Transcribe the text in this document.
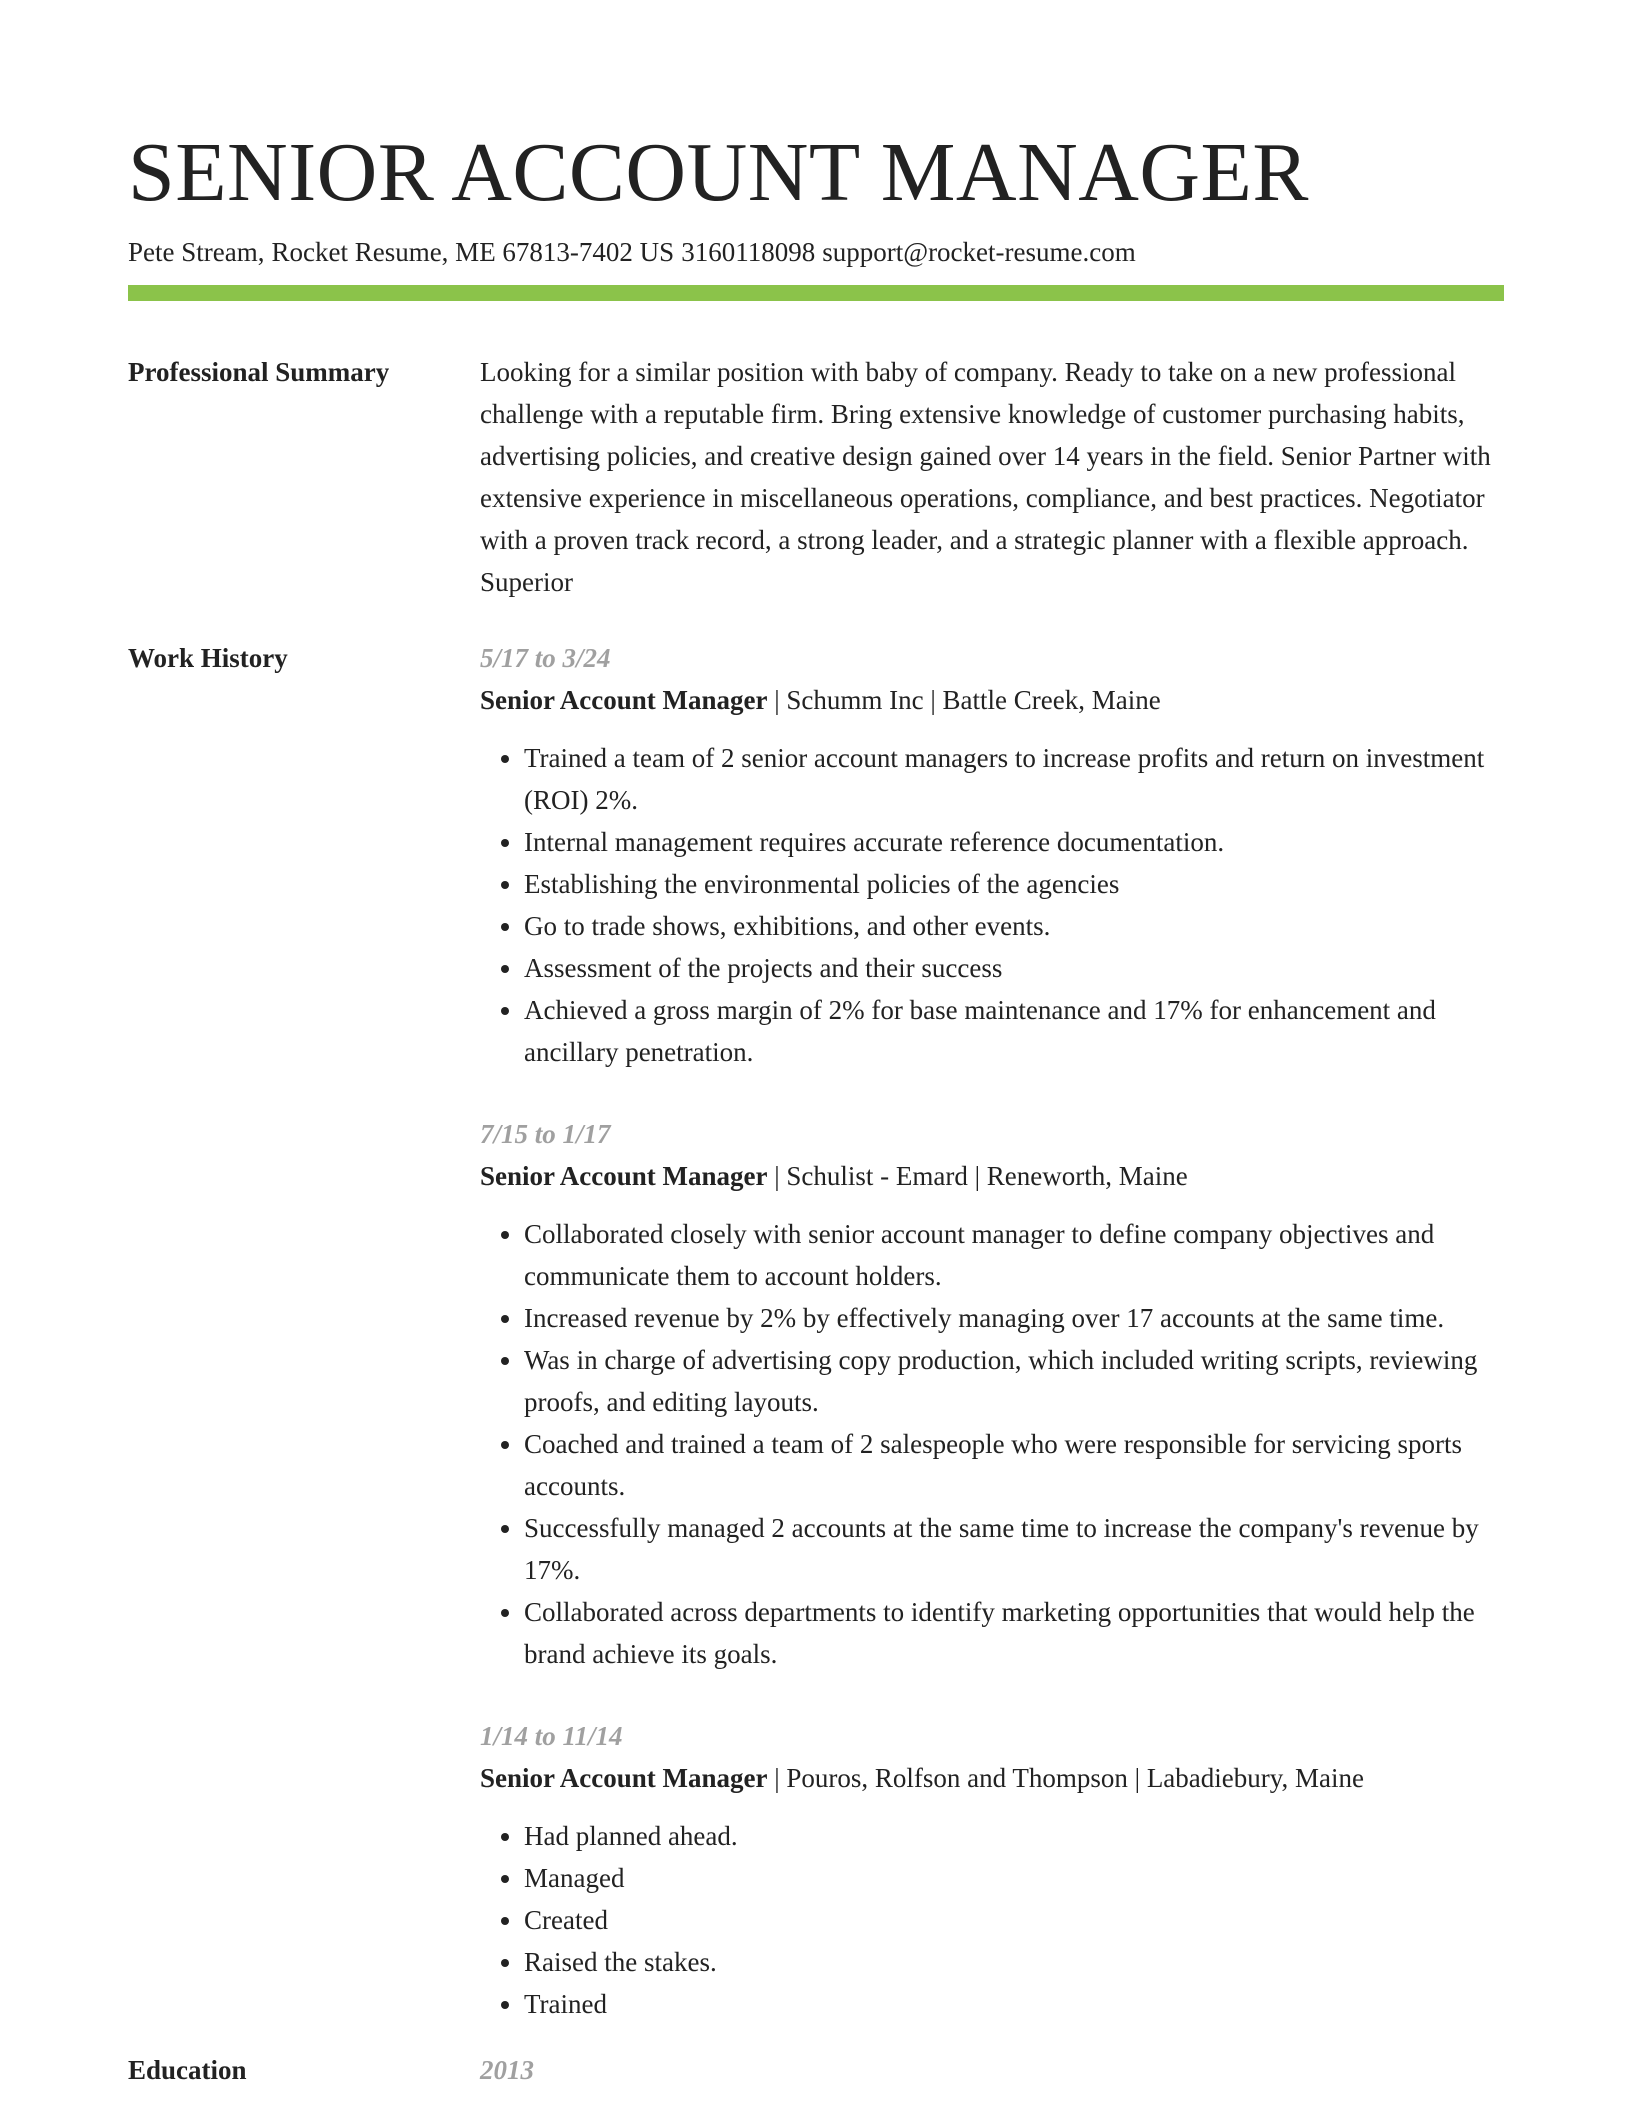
SENIOR ACCOUNT MANAGER
Pete Stream, Rocket Resume, ME 67813-7402 US 3160118098 support@rocket-resume.com
Professional Summary	Looking for a similar position with baby of company. Ready to take on a new professional challenge with a reputable firm. Bring extensive knowledge of customer purchasing habits, advertising policies, and creative design gained over 14 years in the field. Senior Partner with extensive experience in miscellaneous operations, compliance, and best practices. Negotiator with a proven track record, a strong leader, and a strategic planner with a flexible approach. Superior

Work History	5/17 to 3/24
Senior Account Manager | Schumm Inc | Battle Creek, Maine
• Trained a team of 2 senior account managers to increase profits and return on investment (ROI) 2%.
• Internal management requires accurate reference documentation.
• Establishing the environmental policies of the agencies
• Go to trade shows, exhibitions, and other events.
• Assessment of the projects and their success
• Achieved a gross margin of 2% for base maintenance and 17% for enhancement and ancillary penetration.
7/15 to 1/17
Senior Account Manager | Schulist - Emard | Reneworth, Maine
• Collaborated closely with senior account manager to define company objectives and communicate them to account holders.
• Increased revenue by 2% by effectively managing over 17 accounts at the same time.
• Was in charge of advertising copy production, which included writing scripts, reviewing proofs, and editing layouts.
• Coached and trained a team of 2 salespeople who were responsible for servicing sports accounts.
• Successfully managed 2 accounts at the same time to increase the company's revenue by 17%.
• Collaborated across departments to identify marketing opportunities that would help the brand achieve its goals.
1/14 to 11/14
Senior Account Manager | Pouros, Rolfson and Thompson | Labadiebury, Maine
• Had planned ahead.
• Managed
• Created
• Raised the stakes.
• Trained
Education	2013
